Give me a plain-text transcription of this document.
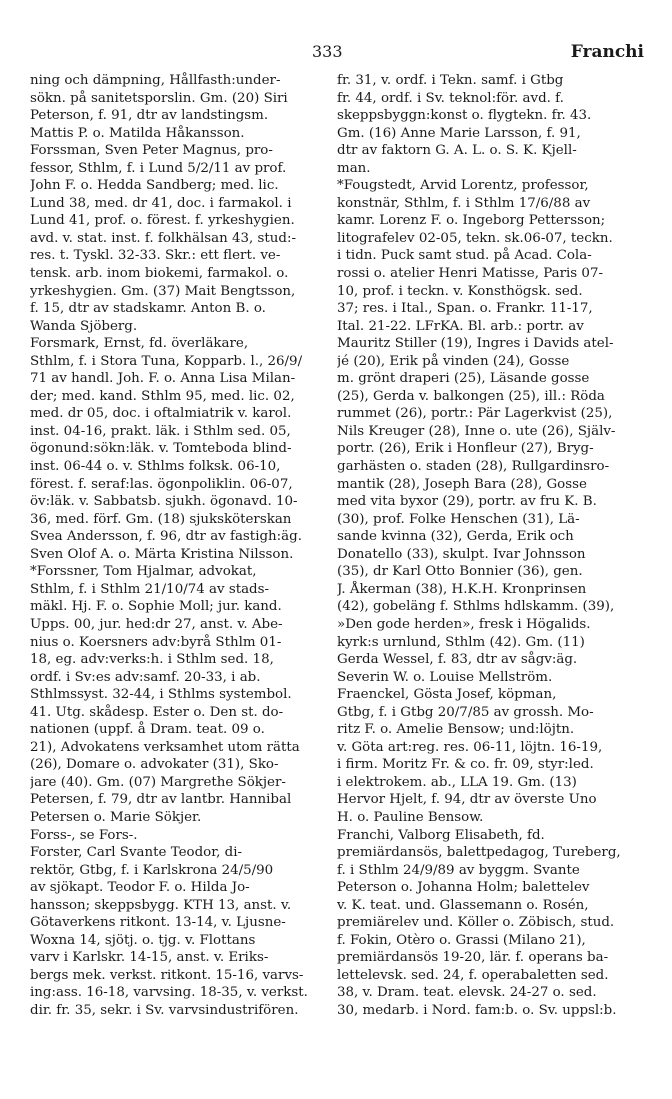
333	Franchi
ning och dämpning, Hållfasth:under-
sökn. på sanitetsporslin. Gm. (20) Siri
Peterson, f. 91, dtr av landstingsm.
Mattis P. o. Matilda Håkansson.
Forssman, Sven Peter Magnus, pro-
fessor, Sthlm, f. i Lund 5/2/11 av prof.
John F. o. Hedda Sandberg; med. lic.
Lund 38, med. dr 41, doc. i farmakol. i
Lund 41, prof. o. förest. f. yrkeshygien.
avd. v. stat. inst. f. folkhälsan 43, stud:-
res. t. Tyskl. 32-33. Skr.: ett flert. ve-
tensk. arb. inom biokemi, farmakol. o.
yrkeshygien. Gm. (37) Mait Bengtsson,
f. 15, dtr av stadskamr. Anton B. o.
Wanda Sjöberg.
Forsmark, Ernst, fd. överläkare,
Sthlm, f. i Stora Tuna, Kopparb. l., 26/9/
71 av handl. Joh. F. o. Anna Lisa Milan-
der; med. kand. Sthlm 95, med. lic. 02,
med. dr 05, doc. i oftalmiatrik v. karol.
inst. 04-16, prakt. läk. i Sthlm sed. 05,
ögonund:sökn:läk. v. Tomteboda blind-
inst. 06-44 o. v. Sthlms folksk. 06-10,
förest. f. seraf:las. ögonpoliklin. 06-07,
öv:läk. v. Sabbatsb. sjukh. ögonavd. 10-
36, med. förf. Gm. (18) sjuksköterskan
Svea Andersson, f. 96, dtr av fastigh:äg.
Sven Olof A. o. Märta Kristina Nilsson.
*Forssner, Tom Hjalmar, advokat,
Sthlm, f. i Sthlm 21/10/74 av stads-
mäkl. Hj. F. o. Sophie Moll; jur. kand.
Upps. 00, jur. hed:dr 27, anst. v. Abe-
nius o. Koersners adv:byrå Sthlm 01-
18, eg. adv:verks:h. i Sthlm sed. 18,
ordf. i Sv:es adv:samf. 20-33, i ab.
Sthlmssyst. 32-44, i Sthlms systembol.
41. Utg. skådesp. Ester o. Den st. do-
nationen (uppf. å Dram. teat. 09 o.
21), Advokatens verksamhet utom rätta
(26), Domare o. advokater (31), Sko-
jare (40). Gm. (07) Margrethe Sökjer-
Petersen, f. 79, dtr av lantbr. Hannibal
Petersen o. Marie Sökjer.
Forss-, se Fors-.
Forster, Carl Svante Teodor, di-
rektör, Gtbg, f. i Karlskrona 24/5/90
av sjökapt. Teodor F. o. Hilda Jo-
hansson; skeppsbygg. KTH 13, anst. v.
Götaverkens ritkont. 13-14, v. Ljusne-
Woxna 14, sjötj. o. tjg. v. Flottans
varv i Karlskr. 14-15, anst. v. Eriks-
bergs mek. verkst. ritkont. 15-16, varvs-
ing:ass. 16-18, varvsing. 18-35, v. verkst.
dir. fr. 35, sekr. i Sv. varvsindustrifören.
fr. 31, v. ordf. i Tekn. samf. i Gtbg
fr. 44, ordf. i Sv. teknol:för. avd. f.
skeppsbyggn:konst o. flygtekn. fr. 43.
Gm. (16) Anne Marie Larsson, f. 91,
dtr av faktorn G. A. L. o. S. K. Kjell-
man.
*Fougstedt, Arvid Lorentz, professor,
konstnär, Sthlm, f. i Sthlm 17/6/88 av
kamr. Lorenz F. o. Ingeborg Pettersson;
litografelev 02-05, tekn. sk.06-07, teckn.
i tidn. Puck samt stud. på Acad. Cola-
rossi o. atelier Henri Matisse, Paris 07-
10, prof. i teckn. v. Konsthögsk. sed.
37; res. i Ital., Span. o. Frankr. 11-17,
Ital. 21-22. LFrKA. Bl. arb.: portr. av
Mauritz Stiller (19), Ingres i Davids atel-
jé (20), Erik på vinden (24), Gosse
m. grönt draperi (25), Läsande gosse
(25), Gerda v. balkongen (25), ill.: Röda
rummet (26), portr.: Pär Lagerkvist (25),
Nils Kreuger (28), Inne o. ute (26), Själv-
portr. (26), Erik i Honfleur (27), Bryg-
garhästen o. staden (28), Rullgardinsro-
mantik (28), Joseph Bara (28), Gosse
med vita byxor (29), portr. av fru K. B.
(30), prof. Folke Henschen (31), Lä-
sande kvinna (32), Gerda, Erik och
Donatello (33), skulpt. Ivar Johnsson
(35), dr Karl Otto Bonnier (36), gen.
J. Åkerman (38), H.K.H. Kronprinsen
(42), gobeläng f. Sthlms hdlskamm. (39),
»Den gode herden», fresk i Högalids.
kyrk:s urnlund, Sthlm (42). Gm. (11)
Gerda Wessel, f. 83, dtr av sågv:äg.
Severin W. o. Louise Mellström.
Fraenckel, Gösta Josef, köpman,
Gtbg, f. i Gtbg 20/7/85 av grossh. Mo-
ritz F. o. Amelie Bensow; und:löjtn.
v. Göta art:reg. res. 06-11, löjtn. 16-19,
i firm. Moritz Fr. & co. fr. 09, styr:led.
i elektrokem. ab., LLA 19. Gm. (13)
Hervor Hjelt, f. 94, dtr av överste Uno
H. o. Pauline Bensow.
Franchi, Valborg Elisabeth, fd.
premiärdansös, balettpedagog, Tureberg,
f. i Sthlm 24/9/89 av byggm. Svante
Peterson o. Johanna Holm; balettelev
v. K. teat. und. Glassemann o. Rosén,
premiärelev und. Köller o. Zöbisch, stud.
f. Fokin, Otèro o. Grassi (Milano 21),
premiärdansös 19-20, lär. f. operans ba-
lettelevsk. sed. 24, f. operabaletten sed.
38, v. Dram. teat. elevsk. 24-27 o. sed.
30, medarb. i Nord. fam:b. o. Sv. uppsl:b.
